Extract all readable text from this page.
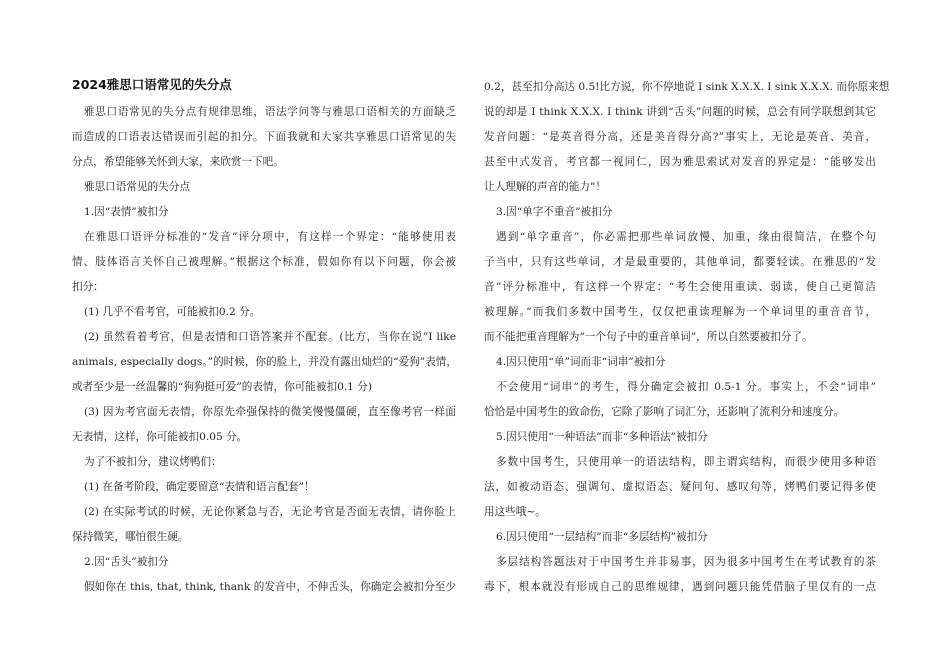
2024雅思口语常见的失分点
雅思口语常见的失分点有规律思维，语法学问等与雅思口语相关的方面缺乏
而造成的口语表达错误而引起的扣分。下面我就和大家共享雅思口语常见的失
分点，希望能够关怀到大家，来欣赏一下吧。
雅思口语常见的失分点
1.因“表情”被扣分
在雅思口语评分标准的“发音”评分项中，有这样一个界定：“能够使用表
情、肢体语言关怀自己被理解。”根据这个标准，假如你有以下问题，你会被
扣分：
(1) 几乎不看考官，可能被扣0.2 分。
(2) 虽然看着考官，但是表情和口语答案并不配套。(比方，当你在说”I like
animals, especially dogs。”的时候，你的脸上，并没有露出灿烂的“爱狗”表情，
或者至少是一丝温馨的“狗狗挺可爱”的表情，你可能被扣0.1 分)
(3) 因为考官面无表情，你原先牵强保持的微笑慢慢僵硬，直至像考官一样面
无表情，这样，你可能被扣0.05 分。
为了不被扣分，建议烤鸭们：
(1) 在备考阶段，确定要留意“表情和语言配套”！
(2) 在实际考试的时候，无论你紧急与否，无论考官是否面无表情，请你脸上
保持微笑，哪怕很生硬。
2.因“舌头”被扣分
假如你在 this, that, think, thank 的发音中，不伸舌头，你确定会被扣分至少
0.2，甚至扣分高达 0.5!比方说，你不停地说 I sink X.X.X. I sink X.X.X. 而你原来想
说的却是 I think X.X.X. I think 讲到“舌头”问题的时候，总会有同学联想到其它
发音问题：“是英音得分高，还是美音得分高?”事实上，无论是英音、美音，
甚至中式发音，考官都一视同仁，因为雅思索试对发音的界定是：“能够发出
让人理解的声音的能力”！
3.因“单字不重音”被扣分
遇到“单字重音”，你必需把那些单词放慢、加重，缘由很简洁，在整个句
子当中，只有这些单词，才是最重要的，其他单词，都要轻读。在雅思的“发
音”评分标准中，有这样一个界定：“考生会使用重读、弱读，使自己更简洁
被理解。”而我们多数中国考生，仅仅把重读理解为一个单词里的重音音节，
而不能把重音理解为“一个句子中的重音单词”，所以自然要被扣分了。
4.因只使用“单”词而非“词串”被扣分
不会使用“词串”的考生，得分确定会被扣 0.5-1 分。事实上，不会“词串”
恰恰是中国考生的致命伤，它除了影响了词汇分，还影响了流利分和速度分。
5.因只使用“一种语法”而非“多种语法”被扣分
多数中国考生，只使用单一的语法结构，即主谓宾结构，而很少使用多种语
法，如被动语态、强调句、虚拟语态、疑问句、感叹句等，烤鸭们要记得多使
用这些哦~。
6.因只使用“一层结构”而非“多层结构”被扣分
多层结构答题法对于中国考生并非易事，因为很多中国考生在考试教育的茶
毒下，根本就没有形成自己的思维规律，遇到问题只能凭借脑子里仅有的一点
